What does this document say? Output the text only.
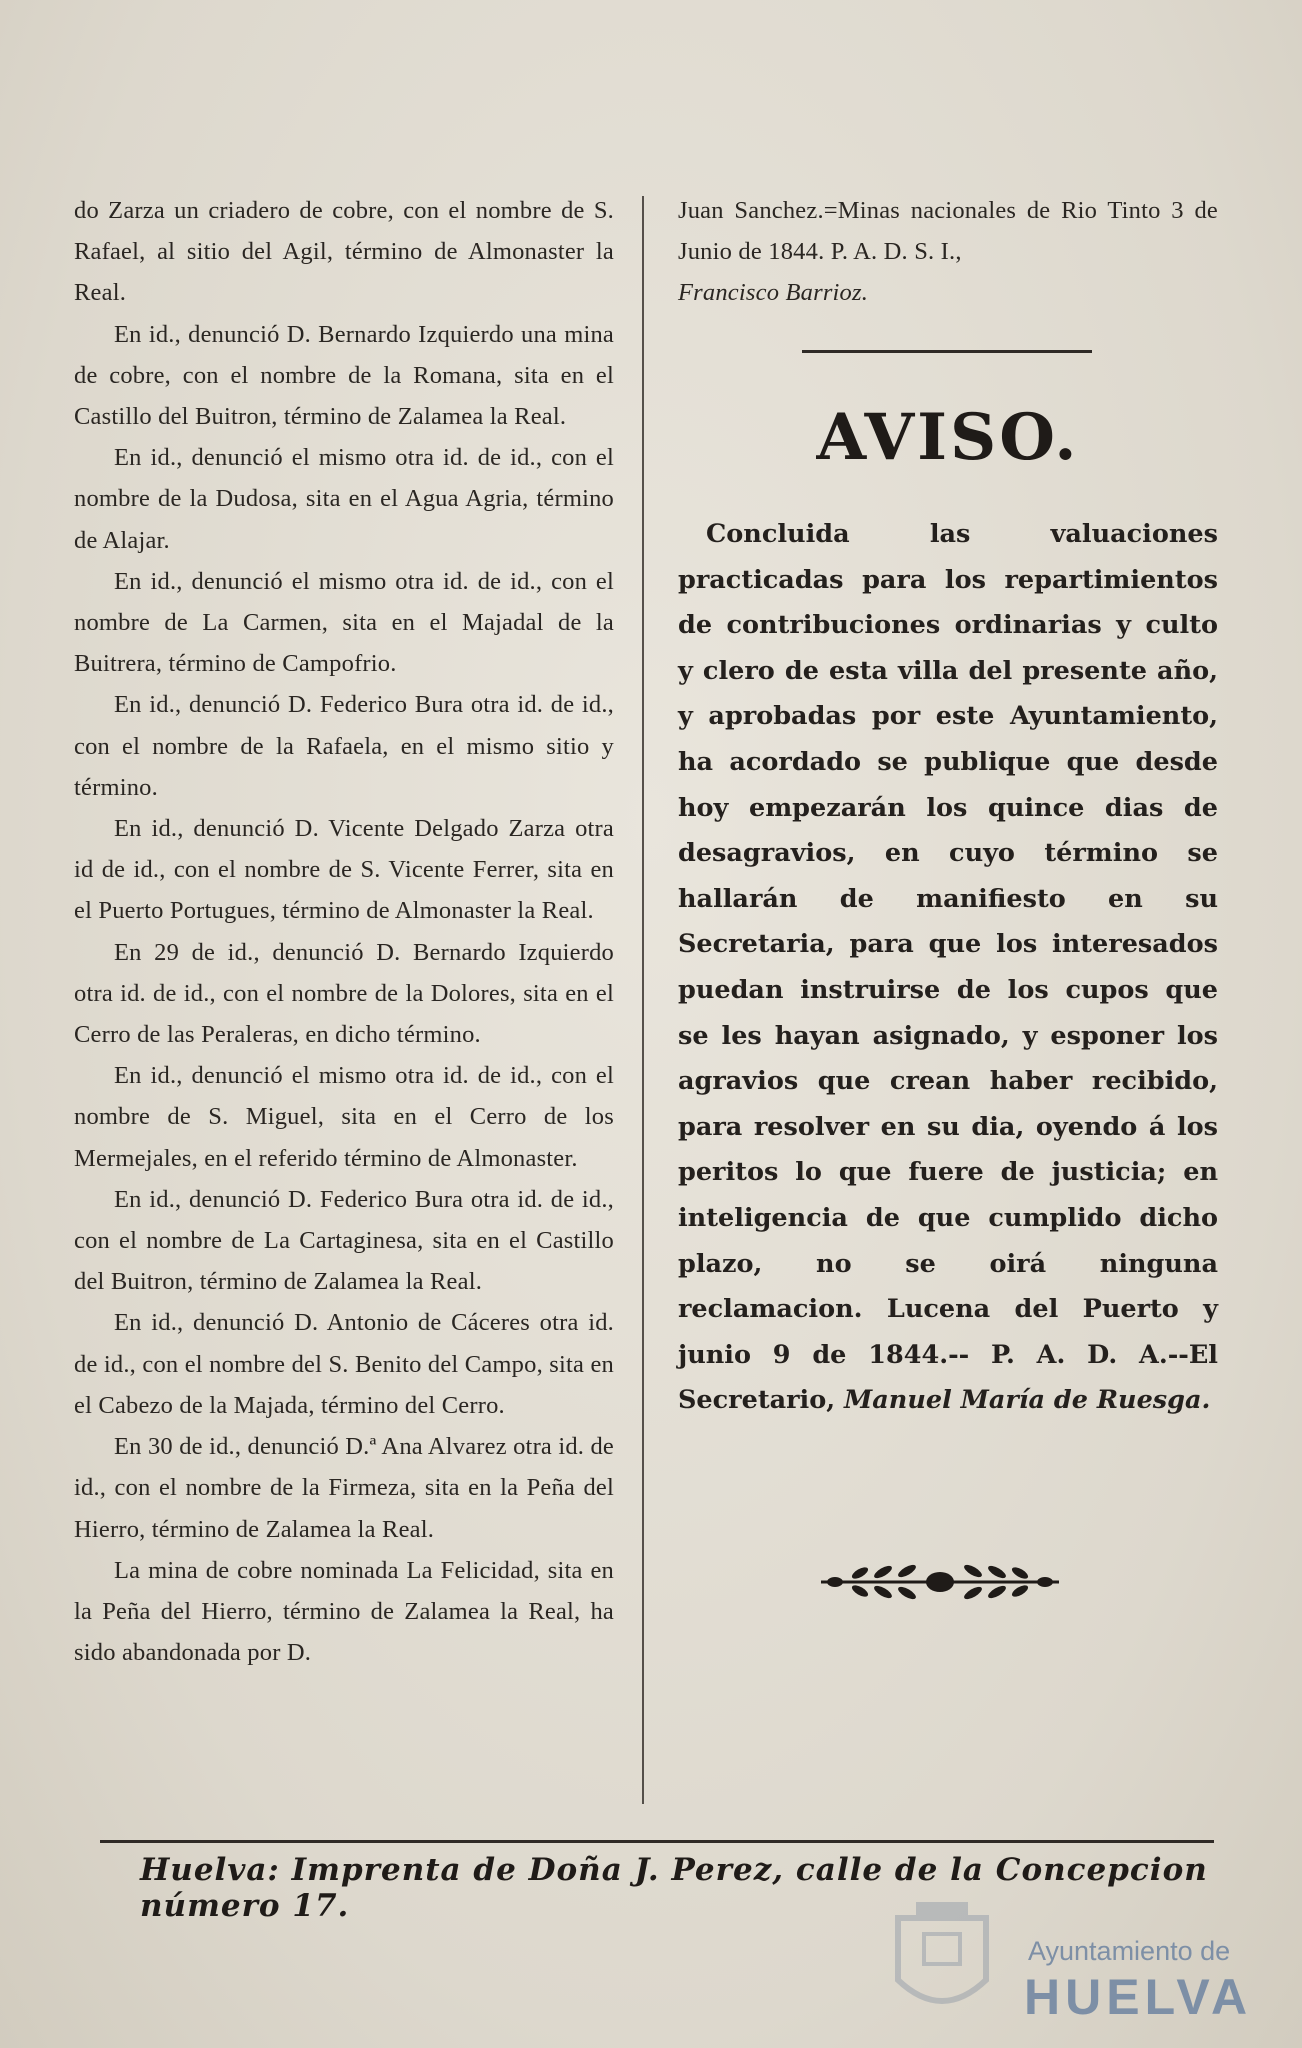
do Zarza un criadero de cobre, con el nombre de S. Rafael, al sitio del Agil, término de Almonaster la Real.

En id., denunció D. Bernardo Izquierdo una mina de cobre, con el nombre de la Romana, sita en el Castillo del Buitron, término de Zalamea la Real.

En id., denunció el mismo otra id. de id., con el nombre de la Dudosa, sita en el Agua Agria, término de Alajar.

En id., denunció el mismo otra id. de id., con el nombre de La Carmen, sita en el Majadal de la Buitrera, término de Campofrio.

En id., denunció D. Federico Bura otra id. de id., con el nombre de la Rafaela, en el mismo sitio y término.

En id., denunció D. Vicente Delgado Zarza otra id de id., con el nombre de S. Vicente Ferrer, sita en el Puerto Portugues, término de Almonaster la Real.

En 29 de id., denunció D. Bernardo Izquierdo otra id. de id., con el nombre de la Dolores, sita en el Cerro de las Peraleras, en dicho término.

En id., denunció el mismo otra id. de id., con el nombre de S. Miguel, sita en el Cerro de los Mermejales, en el referido término de Almonaster.

En id., denunció D. Federico Bura otra id. de id., con el nombre de La Cartaginesa, sita en el Castillo del Buitron, término de Zalamea la Real.

En id., denunció D. Antonio de Cáceres otra id. de id., con el nombre del S. Benito del Campo, sita en el Cabezo de la Majada, término del Cerro.

En 30 de id., denunció D.ª Ana Alvarez otra id. de id., con el nombre de la Firmeza, sita en la Peña del Hierro, término de Zalamea la Real.

La mina de cobre nominada La Felicidad, sita en la Peña del Hierro, término de Zalamea la Real, ha sido abandonada por D.

Juan Sanchez.=Minas nacionales de Rio Tinto 3 de Junio de 1844. P. A. D. S. I.,

Francisco Barrioz.

AVISO.

Concluida las valuaciones practicadas para los repartimientos de contribuciones ordinarias y culto y clero de esta villa del presente año, y aprobadas por este Ayuntamiento, ha acordado se publique que desde hoy empezarán los quince dias de desagravios, en cuyo término se hallarán de manifiesto en su Secretaria, para que los interesados puedan instruirse de los cupos que se les hayan asignado, y esponer los agravios que crean haber recibido, para resolver en su dia, oyendo á los peritos lo que fuere de justicia; en inteligencia de que cumplido dicho plazo, no se oirá ninguna reclamacion. Lucena del Puerto y junio 9 de 1844.-- P. A. D. A.--El Secretario, Manuel María de Ruesga.

Huelva: Imprenta de Doña J. Perez, calle de la Concepcion número 17.
Ayuntamiento de
HUELVA
